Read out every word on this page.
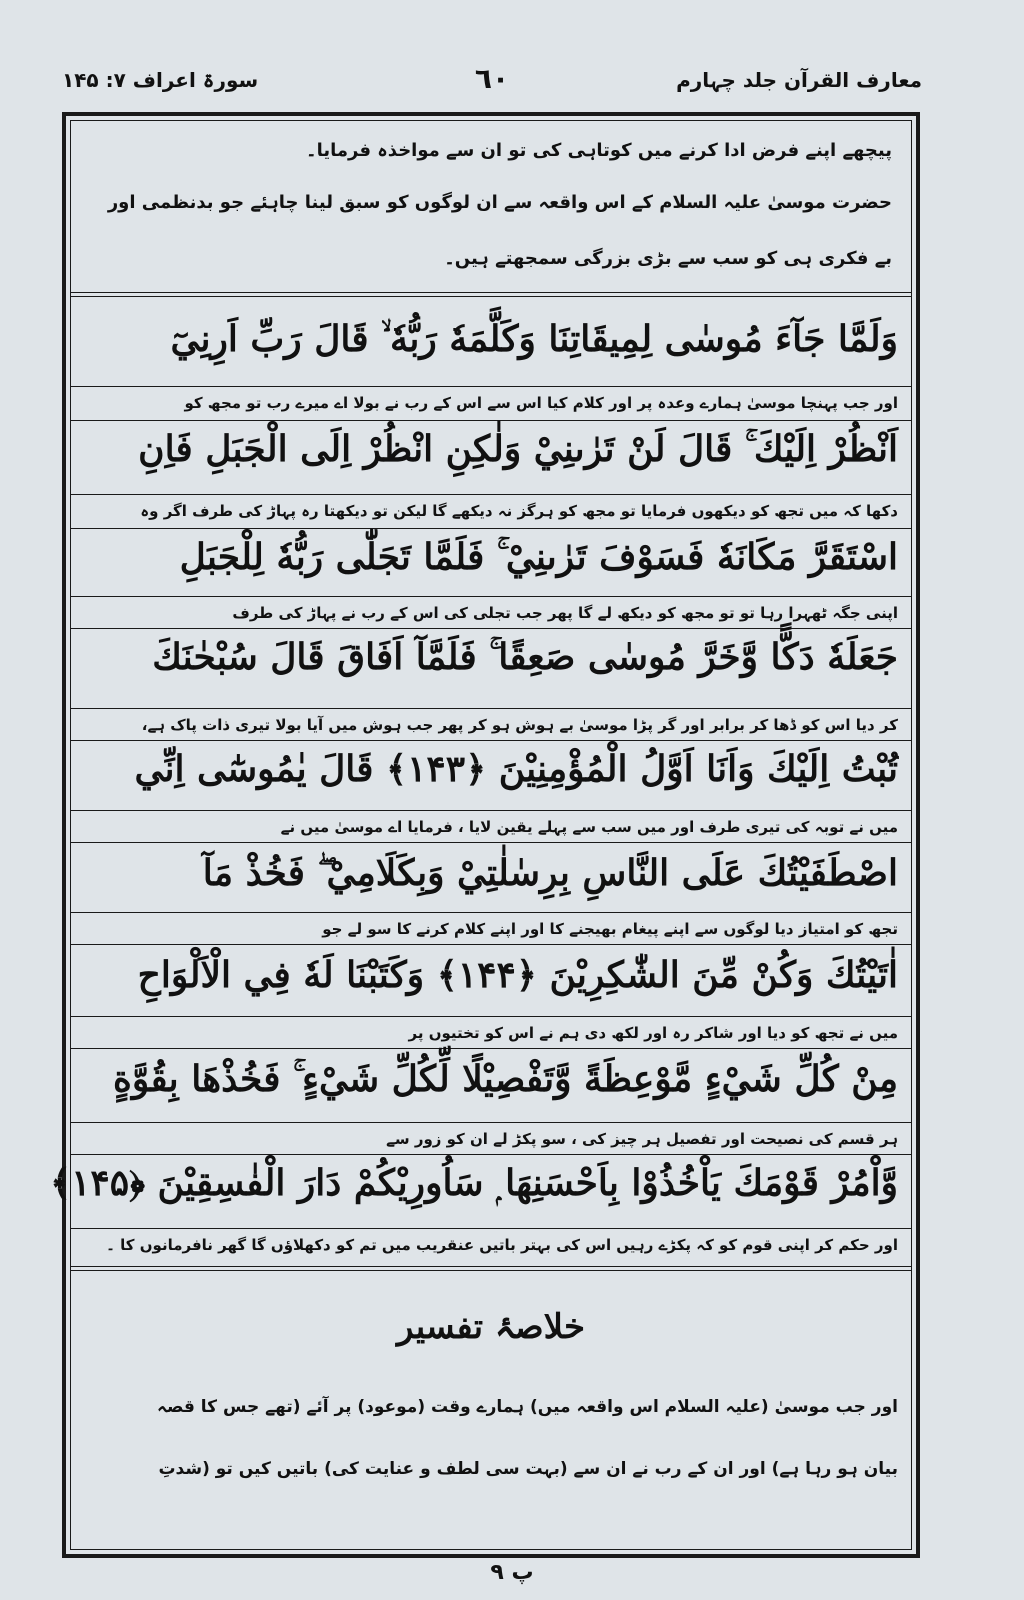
سورۃ اعراف ۷: ۱۴۵	٦٠	معارف القرآن جلد چہارم
پیچھے اپنے فرض ادا کرنے میں کوتاہی کی تو ان سے مواخذہ فرمایا۔
حضرت موسیٰ علیہ السلام کے اس واقعہ سے ان لوگوں کو سبق لینا چاہئے جو بدنظمی اور
بے فکری ہی کو سب سے بڑی بزرگی سمجھتے ہیں۔
وَلَمَّا جَآءَ مُوسٰى لِمِيقَاتِنَا وَكَلَّمَهٗ رَبُّهٗ ۙ قَالَ رَبِّ اَرِنِيٓ
اور جب پہنچا موسیٰ ہمارے وعدہ پر اور کلام کیا اس سے اس کے رب نے بولا اے میرے رب تو مجھ کو
اَنْظُرْ اِلَيْكَ ۚ قَالَ لَنْ تَرٰىنِيْ وَلٰكِنِ انْظُرْ اِلَى الْجَبَلِ فَاِنِ
دکھا کہ میں تجھ کو دیکھوں فرمایا تو مجھ کو ہرگز نہ دیکھے گا لیکن تو دیکھتا رہ پہاڑ کی طرف اگر وہ
اسْتَقَرَّ مَكَانَهٗ فَسَوْفَ تَرٰىنِيْ ۚ فَلَمَّا تَجَلّٰى رَبُّهٗ لِلْجَبَلِ
اپنی جگہ ٹھہرا رہا تو تو مجھ کو دیکھ لے گا پھر جب تجلی کی اس کے رب نے پہاڑ کی طرف
جَعَلَهٗ دَكًّا وَّخَرَّ مُوسٰى صَعِقًا ۚ فَلَمَّآ اَفَاقَ قَالَ سُبْحٰنَكَ
کر دیا اس کو ڈھا کر برابر اور گر پڑا موسیٰ بے ہوش ہو کر پھر جب ہوش میں آیا بولا تیری ذات پاک ہے،
تُبْتُ اِلَيْكَ وَاَنَا اَوَّلُ الْمُؤْمِنِيْنَ ﴿۱۴۳﴾ قَالَ يٰمُوسٰٓى اِنِّي
میں نے توبہ کی تیری طرف اور میں سب سے پہلے یقین لایا ، فرمایا اے موسیٰ میں نے
اصْطَفَيْتُكَ عَلَى النَّاسِ بِرِسٰلٰتِيْ وَبِكَلَامِيْ ۖ فَخُذْ مَآ
تجھ کو امتیاز دیا لوگوں سے اپنے پیغام بھیجنے کا اور اپنے کلام کرنے کا سو لے جو
اٰتَيْتُكَ وَكُنْ مِّنَ الشّٰكِرِيْنَ ﴿۱۴۴﴾ وَكَتَبْنَا لَهٗ فِي الْاَلْوَاحِ
میں نے تجھ کو دیا اور شاکر رہ اور لکھ دی ہم نے اس کو تختیوں پر
مِنْ كُلِّ شَيْءٍ مَّوْعِظَةً وَّتَفْصِيْلًا لِّكُلِّ شَيْءٍ ۚ فَخُذْهَا بِقُوَّةٍ
ہر قسم کی نصیحت اور تفصیل ہر چیز کی ، سو پکڑ لے ان کو زور سے
وَّاْمُرْ قَوْمَكَ يَاْخُذُوْا بِاَحْسَنِهَا ۭ سَاُورِيْكُمْ دَارَ الْفٰسِقِيْنَ ﴿۱۴۵﴾
اور حکم کر اپنی قوم کو کہ پکڑے رہیں اس کی بہتر باتیں عنقریب میں تم کو دکھلاؤں گا گھر نافرمانوں کا ۔
خلاصۂ تفسیر
اور جب موسیٰ (علیہ السلام اس واقعہ میں) ہمارے وقت (موعود) پر آئے (تھے جس کا قصہ
بیان ہو رہا ہے) اور ان کے رب نے ان سے (بہت سی لطف و عنایت کی) باتیں کیں تو (شدتِ
پ ۹
